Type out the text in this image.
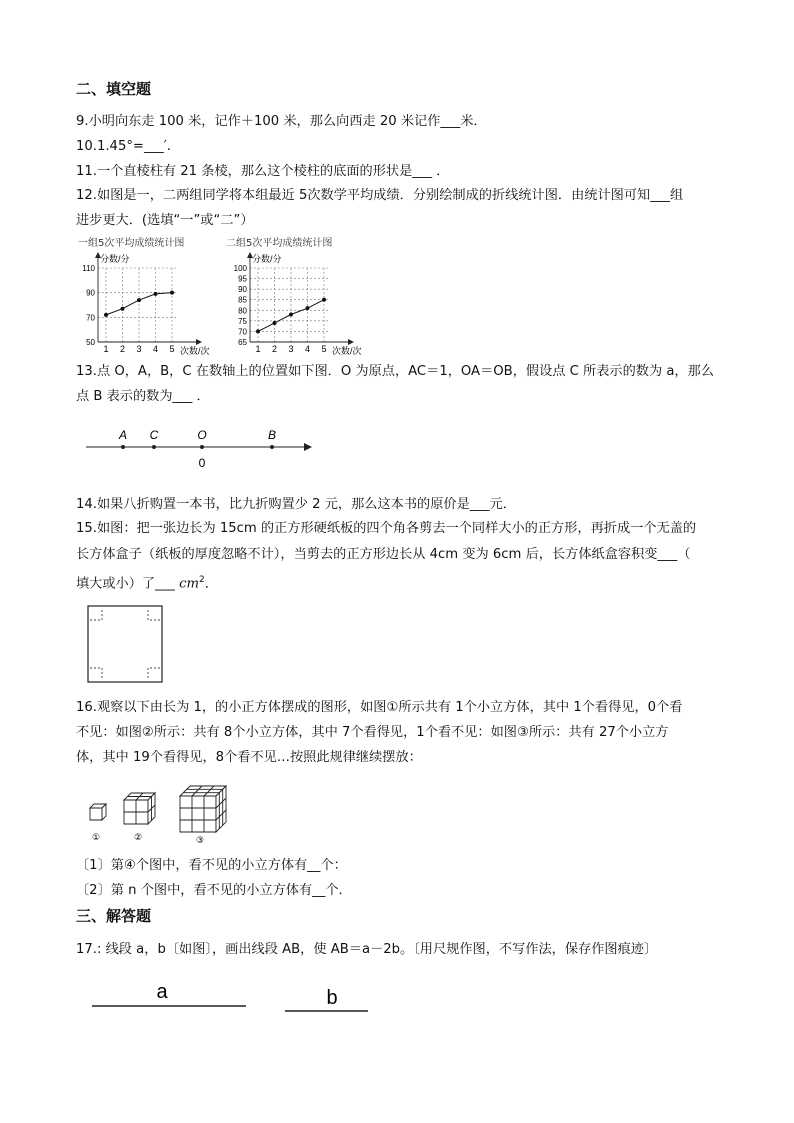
二、填空题
9.小明向东走 100 米，记作＋100 米，那么向西走 20 米记作___米．
10.1.45°=___′.
11.一个直棱柱有 21 条棱，那么这个棱柱的底面的形状是___ ．
12.如图是一，二两组同学将本组最近 5次数学平均成绩．分别绘制成的折线统计图．由统计图可知___组
进步更大．(选填“一”或“二”）
一组5次平均成绩统计图
50
70
90
110
1 2 3 4 5
分数/分
次数/次
二组5次平均成绩统计图
65
70
75
80
85
90
95
100
1 2 3 4 5
分数/分
次数/次
13.点 O，A，B，C 在数轴上的位置如下图．O 为原点，AC＝1，OA＝OB，假设点 C 所表示的数为 a，那么
点 B 表示的数为___ ．
A C	O	B
0
14.如果八折购置一本书，比九折购置少 2 元，那么这本书的原价是___元．
15.如图：把一张边长为 15cm 的正方形硬纸板的四个角各剪去一个同样大小的正方形，再折成一个无盖的
长方体盒子（纸板的厚度忽略不计），当剪去的正方形边长从 4cm 变为 6cm 后，长方体纸盒容积变___（
填大或小）了___ $cm^2$．
16.观察以下由长为 1，的小正方体摆成的图形，如图①所示共有 1个小立方体，其中 1个看得见，0个看
不见：如图②所示：共有 8个小立方体，其中 7个看得见，1个看不见：如图③所示：共有 27个小立方
体，其中 19个看得见，8个看不见…按照此规律继续摆放：
①	②	③
〔1〕第④个图中，看不见的小立方体有__个：
〔2〕第 n 个图中，看不见的小立方体有__个．
三、解答题
17.: 线段 a，b〔如图〕，画出线段 AB，使 AB＝a－2b。〔用尺规作图，不写作法，保存作图痕迹〕
a	b
